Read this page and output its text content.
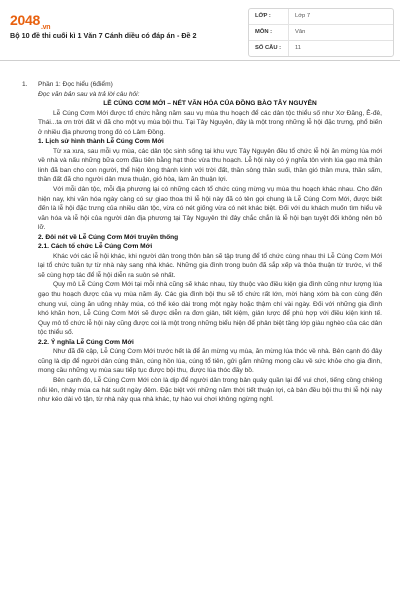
$2048_{.vn}$
Bộ 10 đề thi cuối kì 1 Văn 7 Cánh diều có đáp án - Đề 2
LỚP :	Lớp 7
MÔN :	Văn
SỐ CÂU :	11
1. Phần 1: Đọc hiểu (6điểm)

Đọc văn bản sau và trả lời câu hỏi:

LỄ CÚNG CƠM MỚI – NÉT VĂN HÓA CỦA ĐỒNG BÀO TÂY NGUYÊN

Lễ Cúng Cơm Mới được tổ chức hằng năm sau vụ mùa thu hoạch để các dân tộc thiểu số như Xơ Đăng, Ê-đê, Thái...ta ơn trời đất vì đã cho một vụ mùa bội thu. Tại Tây Nguyên, đây là một trong những lễ hội đặc trưng, phổ biến ở nhiều địa phương trong đó có Lâm Đồng.

1. Lịch sử hình thành Lễ Cúng Cơm Mới

Từ xa xưa, sau mỗi vụ mùa, các dân tộc sinh sống tại khu vực Tây Nguyên đều tổ chức lễ hội ăn mừng lúa mới về nhà và nấu những bữa cơm đầu tiên bằng hạt thóc vừa thu hoạch. Lễ hội này có ý nghĩa tôn vinh lúa gạo mà thần linh đã ban cho con người, thể hiện lòng thành kính với trời đất, thần sông thần suối, thần gió thần mưa, thần sấm, thần đất đã cho người dân mưa thuận, gió hòa, làm ăn thuận lợi.

Với mỗi dân tộc, mỗi địa phương lại có những cách tổ chức cúng mừng vụ mùa thu hoạch khác nhau. Cho đến hiện nay, khi văn hóa ngày càng có sự giao thoa thì lễ hội này đã có tên gọi chung là Lễ Cúng Cơm Mới, được biết đến là lễ hội đặc trưng của nhiều dân tộc, vừa có nét giống vừa có nét khác biệt. Đối với du khách muốn tìm hiểu về văn hóa và lễ hội của người dân địa phương tại Tây Nguyên thì đây chắc chắn là lễ hội bạn tuyệt đối không nên bỏ lỡ.

2. Đôi nét về Lễ Cúng Cơm Mới truyền thống

2.1. Cách tổ chức Lễ Cúng Cơm Mới

Khác với các lễ hội khác, khi người dân trong thôn bản sẽ tập trung để tổ chức cùng nhau thì Lễ Cúng Cơm Mới lại tổ chức tuần tự từ nhà này sang nhà khác. Những gia đình trong buôn đã sắp xếp và thỏa thuận từ trước, vì thế sẽ cùng hợp tác để lễ hội diễn ra suôn sẻ nhất.

Quy mô Lễ Cúng Cơm Mới tại mỗi nhà cũng sẽ khác nhau, tùy thuộc vào điều kiện gia đình cũng như lượng lúa gạo thu hoạch được của vụ mùa năm ấy. Các gia đình bội thu sẽ tổ chức rất lớn, mời hàng xóm bà con cùng đến chung vui, cùng ăn uống nhảy múa, có thể kéo dài trong một ngày hoặc thậm chí vài ngày. Đối với những gia đình khó khăn hơn, Lễ Cúng Cơm Mới sẽ được diễn ra đơn giản, tiết kiệm, giản lược để phù hợp với điều kiện kinh tế. Quy mô tổ chức lễ hội này cũng được coi là một trong những biểu hiện để phân biệt tầng lớp giàu nghèo của các dân tộc thiểu số.

2.2. Ý nghĩa Lễ Cúng Cơm Mới

Như đã đề cập, Lễ Cúng Cơm Mới trước hết là để ăn mừng vụ mùa, ăn mừng lúa thóc về nhà. Bên cạnh đó đây cũng là dịp để người dân cúng thần, cúng hồn lúa, cúng tổ tiên, gửi gắm những mong cầu về sức khỏe cho gia đình, mong cầu những vụ mùa sau tiếp tục được bội thu, được lúa thóc đầy bồ.

Bên cạnh đó, Lễ Cúng Cơm Mới còn là dịp để người dân trong bản quây quần lại để vui chơi, tiếng cồng chiêng nổi lên, nhảy múa ca hát suốt ngày đêm. Đặc biệt với những năm thời tiết thuận lợi, cả bản đều bội thu thì lễ hội này như kéo dài vô tận, từ nhà này qua nhà khác, tự hào vui chơi không ngừng nghỉ.
